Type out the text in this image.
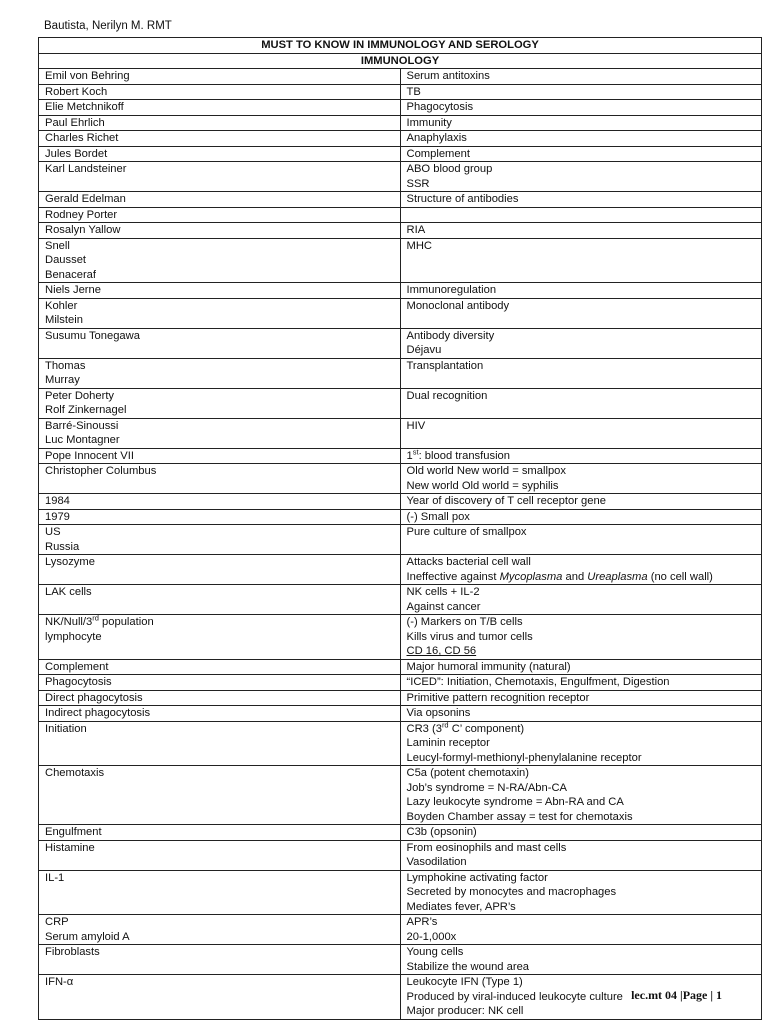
Bautista, Nerilyn M. RMT
MUST TO KNOW IN IMMUNOLOGY AND SEROLOGY	
IMMUNOLOGY	

Emil von Behring	Serum antitoxins

Robert Koch	TB

Elie Metchnikoff	Phagocytosis

Paul Ehrlich	Immunity

Charles Richet	Anaphylaxis

Jules Bordet	Complement

Karl Landsteiner	ABO blood group
SSR

Gerald Edelman	Structure of antibodies

Rodney Porter	

Rosalyn Yallow	RIA

Snell
Dausset
Benaceraf	MHC

Niels Jerne	Immunoregulation

Kohler
Milstein	Monoclonal antibody

Susumu Tonegawa	Antibody diversity
Déjavu

Thomas
Murray	Transplantation

Peter Doherty
Rolf Zinkernagel	Dual recognition

Barré-Sinoussi
Luc Montagner	HIV

Pope Innocent VII	1st: blood transfusion

Christopher Columbus	Old world New world = smallpox
New world Old world = syphilis

1984	Year of discovery of T cell receptor gene

1979	(-) Small pox

US
Russia	Pure culture of smallpox

Lysozyme	Attacks bacterial cell wall
Ineffective against Mycoplasma and Ureaplasma (no cell wall)

LAK cells	NK cells + IL-2
Against cancer

NK/Null/3rd population
lymphocyte	(-) Markers on T/B cells
Kills virus and tumor cells
CD 16, CD 56

Complement	Major humoral immunity (natural)

Phagocytosis	“ICED”: Initiation, Chemotaxis, Engulfment, Digestion

Direct phagocytosis	Primitive pattern recognition receptor

Indirect phagocytosis	Via opsonins

Initiation	CR3 (3rd C’ component)
Laminin receptor
Leucyl-formyl-methionyl-phenylalanine receptor

Chemotaxis	C5a (potent chemotaxin)
Job’s syndrome = N-RA/Abn-CA
Lazy leukocyte syndrome = Abn-RA and CA
Boyden Chamber assay = test for chemotaxis

Engulfment	C3b (opsonin)

Histamine	From eosinophils and mast cells
Vasodilation

IL-1	Lymphokine activating factor
Secreted by monocytes and macrophages
Mediates fever, APR’s

CRP
Serum amyloid A	APR’s
20-1,000x

Fibroblasts	Young cells
Stabilize the wound area

IFN-α	Leukocyte IFN (Type 1)
Produced by viral-induced leukocyte culture
Major producer: NK cell
lec.mt 04 |Page | 1
